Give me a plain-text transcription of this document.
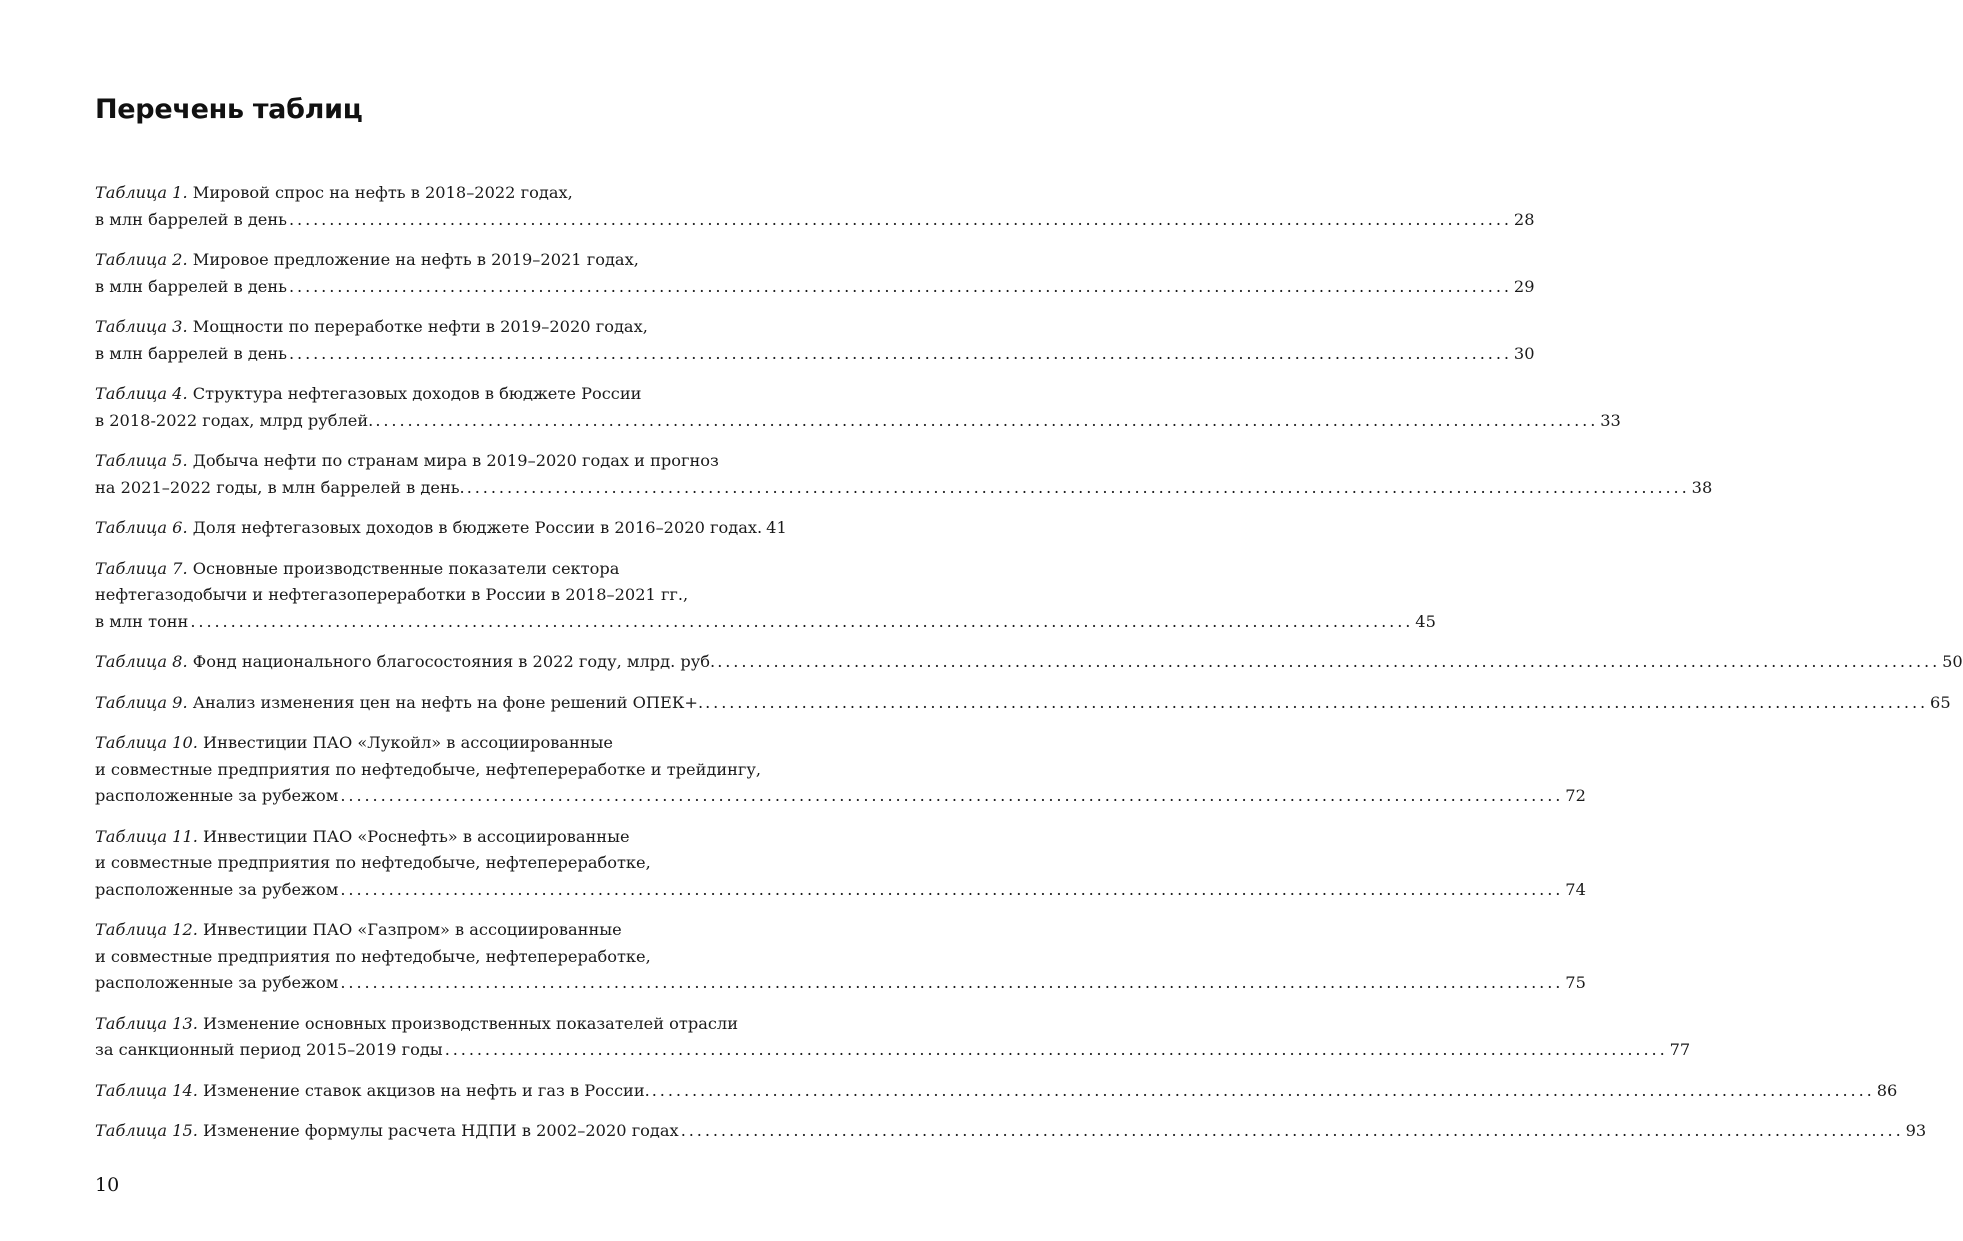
Перечень таблиц
Таблица 1. Мировой спрос на нефть в 2018–2022 годах,
в млн баррелей в день ........................................................................................................................................................ 28
Таблица 2. Мировое предложение на нефть в 2019–2021 годах,
в млн баррелей в день ........................................................................................................................................................ 29
Таблица 3. Мощности по переработке нефти в 2019–2020 годах,
в млн баррелей в день ........................................................................................................................................................ 30
Таблица 4. Структура нефтегазовых доходов в бюджете России
в 2018-2022 годах, млрд рублей. ........................................................................................................................................................ 33
Таблица 5. Добыча нефти по странам мира в 2019–2020 годах и прогноз
на 2021–2022 годы, в млн баррелей в день. ........................................................................................................................................................ 38
Таблица 6. Доля нефтегазовых доходов в бюджете России в 2016–2020 годах. 41
Таблица 7. Основные производственные показатели сектора
нефтегазодобычи и нефтегазопереработки в России в 2018–2021 гг.,
в млн тонн ........................................................................................................................................................ 45
Таблица 8. Фонд национального благосостояния в 2022 году, млрд. руб. ........................................................................................................................................................ 50
Таблица 9. Анализ изменения цен на нефть на фоне решений ОПЕК+. ........................................................................................................................................................ 65
Таблица 10. Инвестиции ПАО «Лукойл» в ассоциированные
и совместные предприятия по нефтедобыче, нефтепереработке и трейдингу,
расположенные за рубежом ........................................................................................................................................................ 72
Таблица 11. Инвестиции ПАО «Роснефть» в ассоциированные
и совместные предприятия по нефтедобыче, нефтепереработке,
расположенные за рубежом ........................................................................................................................................................ 74
Таблица 12. Инвестиции ПАО «Газпром» в ассоциированные
и совместные предприятия по нефтедобыче, нефтепереработке,
расположенные за рубежом ........................................................................................................................................................ 75
Таблица 13. Изменение основных производственных показателей отрасли
за санкционный период 2015–2019 годы ........................................................................................................................................................ 77
Таблица 14. Изменение ставок акцизов на нефть и газ в России. ........................................................................................................................................................ 86
Таблица 15. Изменение формулы расчета НДПИ в 2002–2020 годах ........................................................................................................................................................ 93

10
